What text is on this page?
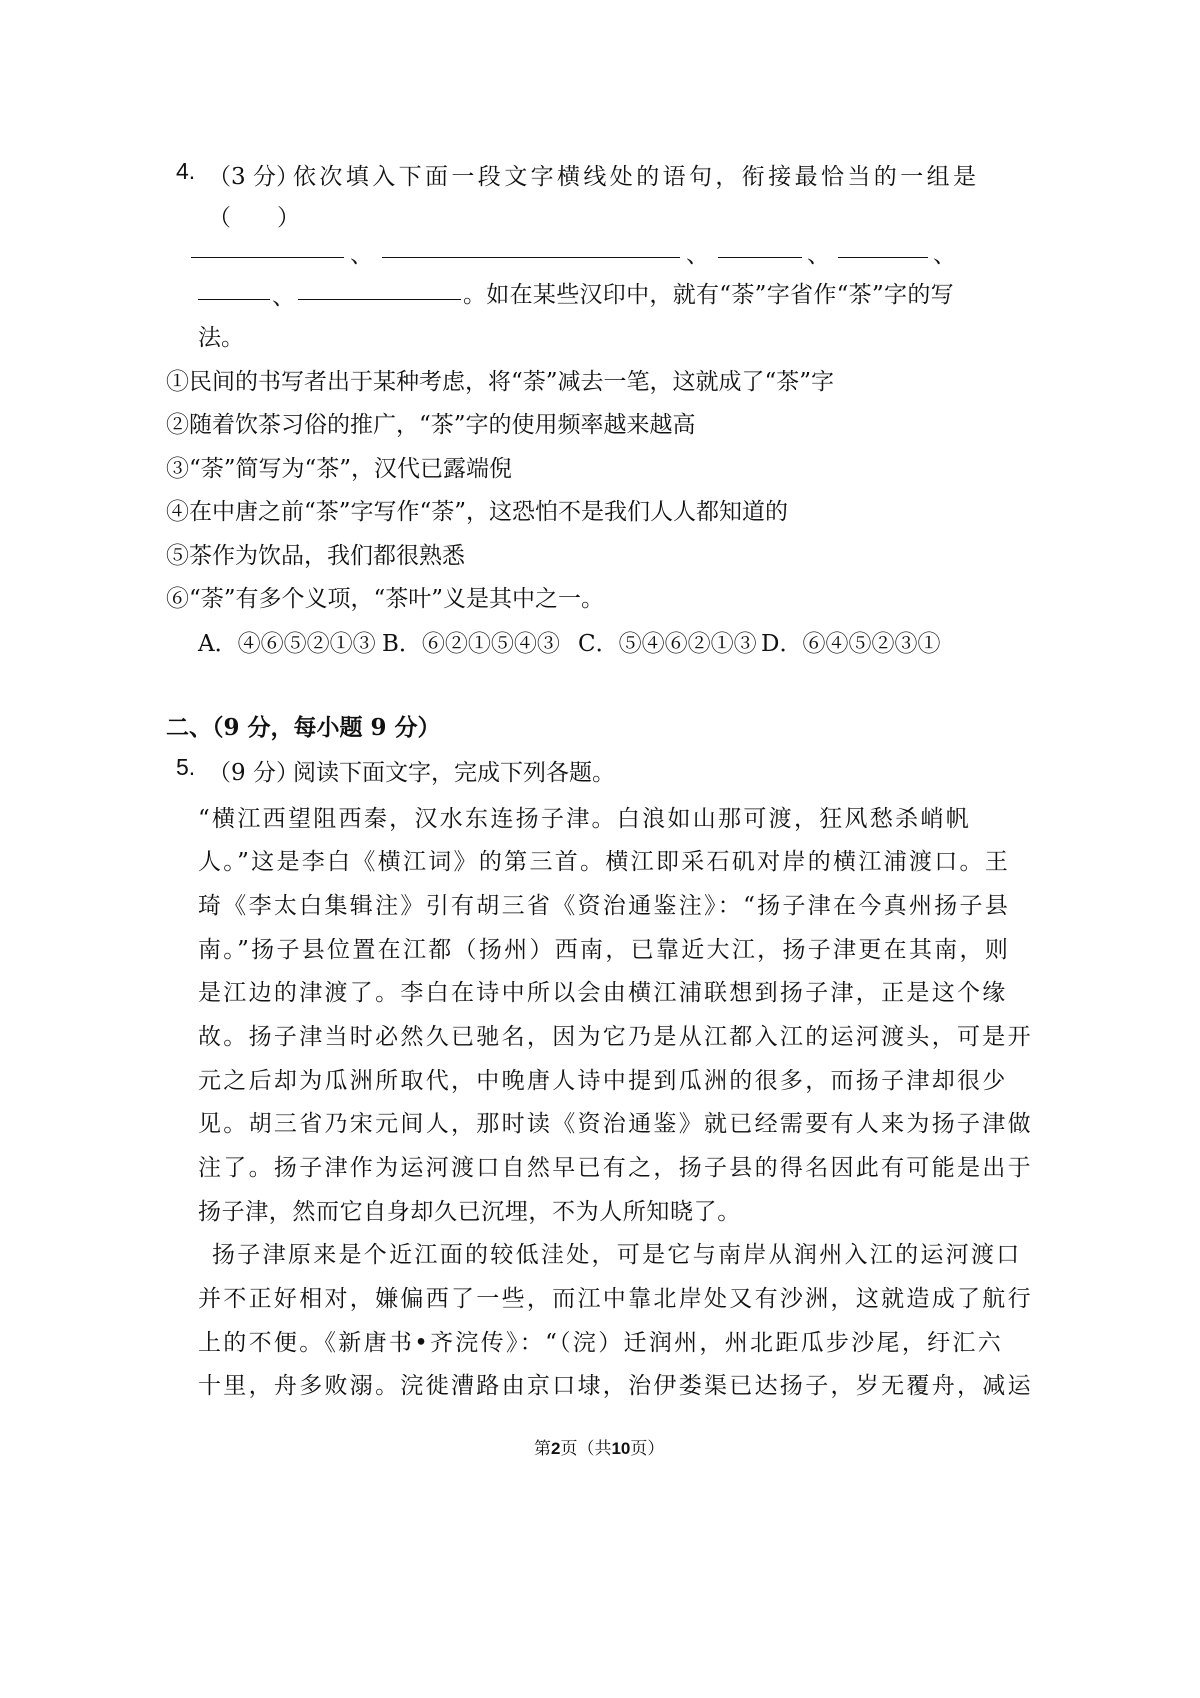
4. （3 分）
依次填入下面一段文字横线处的语句，衔接最恰当的一组是
（　　）
、	、	、	、
、	。如在某些汉印中，就有“荼”字省作“茶”字的写
法。
①民间的书写者出于某种考虑，将“荼”减去一笔，这就成了“茶”字
②随着饮茶习俗的推广，“茶”字的使用频率越来越高
③“荼”简写为“茶”，汉代已露端倪
④在中唐之前“茶”字写作“荼”，这恐怕不是我们人人都知道的
⑤茶作为饮品，我们都很熟悉
⑥“荼”有多个义项，“茶叶”义是其中之一。
A．④⑥⑤②①③ B．⑥②①⑤④③ C．⑤④⑥②①③ D．⑥④⑤②③①
二、（9 分，每小题 9 分）
5. （9 分）
阅读下面文字，完成下列各题。
“横江西望阻西秦，汉水东连扬子津。白浪如山那可渡，狂风愁杀峭帆
人。”这是李白《横江词》的第三首。横江即采石矶对岸的横江浦渡口。王
琦《李太白集辑注》引有胡三省《资治通鉴注》：“扬子津在今真州扬子县
南。”扬子县位置在江都（扬州）西南，已靠近大江，扬子津更在其南，则
是江边的津渡了。李白在诗中所以会由横江浦联想到扬子津，正是这个缘
故。扬子津当时必然久已驰名，因为它乃是从江都入江的运河渡头，可是开
元之后却为瓜洲所取代，中晚唐人诗中提到瓜洲的很多，而扬子津却很少
见。胡三省乃宋元间人，那时读《资治通鉴》就已经需要有人来为扬子津做
注了。扬子津作为运河渡口自然早已有之，扬子县的得名因此有可能是出于
扬子津，然而它自身却久已沉埋，不为人所知晓了。
扬子津原来是个近江面的较低洼处，可是它与南岸从润州入江的运河渡口
并不正好相对，嫌偏西了一些，而江中靠北岸处又有沙洲，这就造成了航行
上的不便。《新唐书•齐浣传》：“（浣）迁润州，州北距瓜步沙尾，纡汇六
十里，舟多败溺。浣徙漕路由京口埭，治伊娄渠已达扬子，岁无覆舟，减运
第2页（共10页）
